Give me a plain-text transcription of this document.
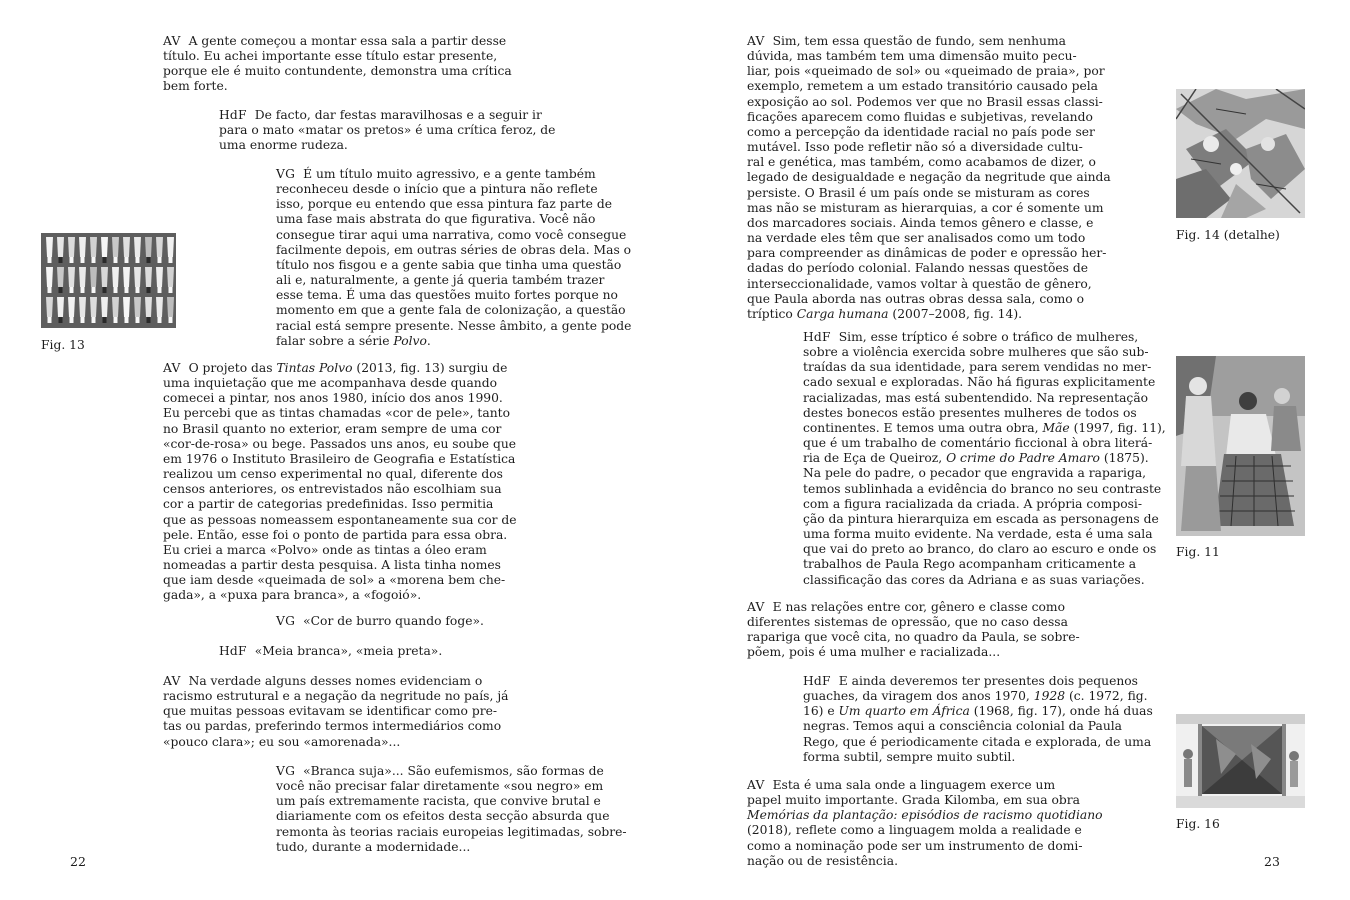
Fig. 13

AV A gente começou a montar essa sala a partir desse
título. Eu achei importante esse título estar presente,
porque ele é muito contundente, demonstra uma crítica
bem forte.
HdF De facto, dar festas maravilhosas e a seguir ir
para o mato «matar os pretos» é uma crítica feroz, de
uma enorme rudeza.
VG É um título muito agressivo, e a gente também
reconheceu desde o início que a pintura não reflete
isso, porque eu entendo que essa pintura faz parte de
uma fase mais abstrata do que figurativa. Você não
consegue tirar aqui uma narrativa, como você consegue
facilmente depois, em outras séries de obras dela. Mas o
título nos fisgou e a gente sabia que tinha uma questão
ali e, naturalmente, a gente já queria também trazer
esse tema. É uma das questões muito fortes porque no
momento em que a gente fala de colonização, a questão
racial está sempre presente. Nesse âmbito, a gente pode
falar sobre a série Polvo.
AV O projeto das Tintas Polvo (2013, fig. 13) surgiu de
uma inquietação que me acompanhava desde quando
comecei a pintar, nos anos 1980, início dos anos 1990.
Eu percebi que as tintas chamadas «cor de pele», tanto
no Brasil quanto no exterior, eram sempre de uma cor
«cor-de-rosa» ou bege. Passados uns anos, eu soube que
em 1976 o Instituto Brasileiro de Geografia e Estatística
realizou um censo experimental no qual, diferente dos
censos anteriores, os entrevistados não escolhiam sua
cor a partir de categorias predefinidas. Isso permitia
que as pessoas nomeassem espontaneamente sua cor de
pele. Então, esse foi o ponto de partida para essa obra.
Eu criei a marca «Polvo» onde as tintas a óleo eram
nomeadas a partir desta pesquisa. A lista tinha nomes
que iam desde «queimada de sol» a «morena bem che-
gada», a «puxa para branca», a «fogoió».
VG «Cor de burro quando foge».
HdF «Meia branca», «meia preta».
AV Na verdade alguns desses nomes evidenciam o
racismo estrutural e a negação da negritude no país, já
que muitas pessoas evitavam se identificar como pre-
tas ou pardas, preferindo termos intermediários como
«pouco clara»; eu sou «amorenada»...
VG «Branca suja»... São eufemismos, são formas de
você não precisar falar diretamente «sou negro» em
um país extremamente racista, que convive brutal e
diariamente com os efeitos desta secção absurda que
remonta às teorias raciais europeias legitimadas, sobre-
tudo, durante a modernidade...

22

AV Sim, tem essa questão de fundo, sem nenhuma
dúvida, mas também tem uma dimensão muito pecu-
liar, pois «queimado de sol» ou «queimado de praia», por
exemplo, remetem a um estado transitório causado pela
exposição ao sol. Podemos ver que no Brasil essas classi-
ficações aparecem como fluidas e subjetivas, revelando
como a percepção da identidade racial no país pode ser
mutável. Isso pode refletir não só a diversidade cultu-
ral e genética, mas também, como acabamos de dizer, o
legado de desigualdade e negação da negritude que ainda
persiste. O Brasil é um país onde se misturam as cores
mas não se misturam as hierarquias, a cor é somente um
dos marcadores sociais. Ainda temos gênero e classe, e
na verdade eles têm que ser analisados como um todo
para compreender as dinâmicas de poder e opressão her-
dadas do período colonial. Falando nessas questões de
interseccionalidade, vamos voltar à questão de gênero,
que Paula aborda nas outras obras dessa sala, como o
tríptico Carga humana (2007–2008, fig. 14).
HdF Sim, esse tríptico é sobre o tráfico de mulheres,
sobre a violência exercida sobre mulheres que são sub-
traídas da sua identidade, para serem vendidas no mer-
cado sexual e exploradas. Não há figuras explicitamente
racializadas, mas está subentendido. Na representação
destes bonecos estão presentes mulheres de todos os
continentes. E temos uma outra obra, Mãe (1997, fig. 11),
que é um trabalho de comentário ficcional à obra literá-
ria de Eça de Queiroz, O crime do Padre Amaro (1875).
Na pele do padre, o pecador que engravida a rapariga,
temos sublinhada a evidência do branco no seu contraste
com a figura racializada da criada. A própria composi-
ção da pintura hierarquiza em escada as personagens de
uma forma muito evidente. Na verdade, esta é uma sala
que vai do preto ao branco, do claro ao escuro e onde os
trabalhos de Paula Rego acompanham criticamente a
classificação das cores da Adriana e as suas variações.
AV E nas relações entre cor, gênero e classe como
diferentes sistemas de opressão, que no caso dessa
rapariga que você cita, no quadro da Paula, se sobre-
põem, pois é uma mulher e racializada...
HdF E ainda deveremos ter presentes dois pequenos
guaches, da viragem dos anos 1970, 1928 (c. 1972, fig.
16) e Um quarto em África (1968, fig. 17), onde há duas
negras. Temos aqui a consciência colonial da Paula
Rego, que é periodicamente citada e explorada, de uma
forma subtil, sempre muito subtil.
AV Esta é uma sala onde a linguagem exerce um
papel muito importante. Grada Kilomba, em sua obra
Memórias da plantação: episódios de racismo quotidiano
(2018), reflete como a linguagem molda a realidade e
como a nominação pode ser um instrumento de domi-
nação ou de resistência.

Fig. 14 (detalhe)

Fig. 11

Fig. 16

23
